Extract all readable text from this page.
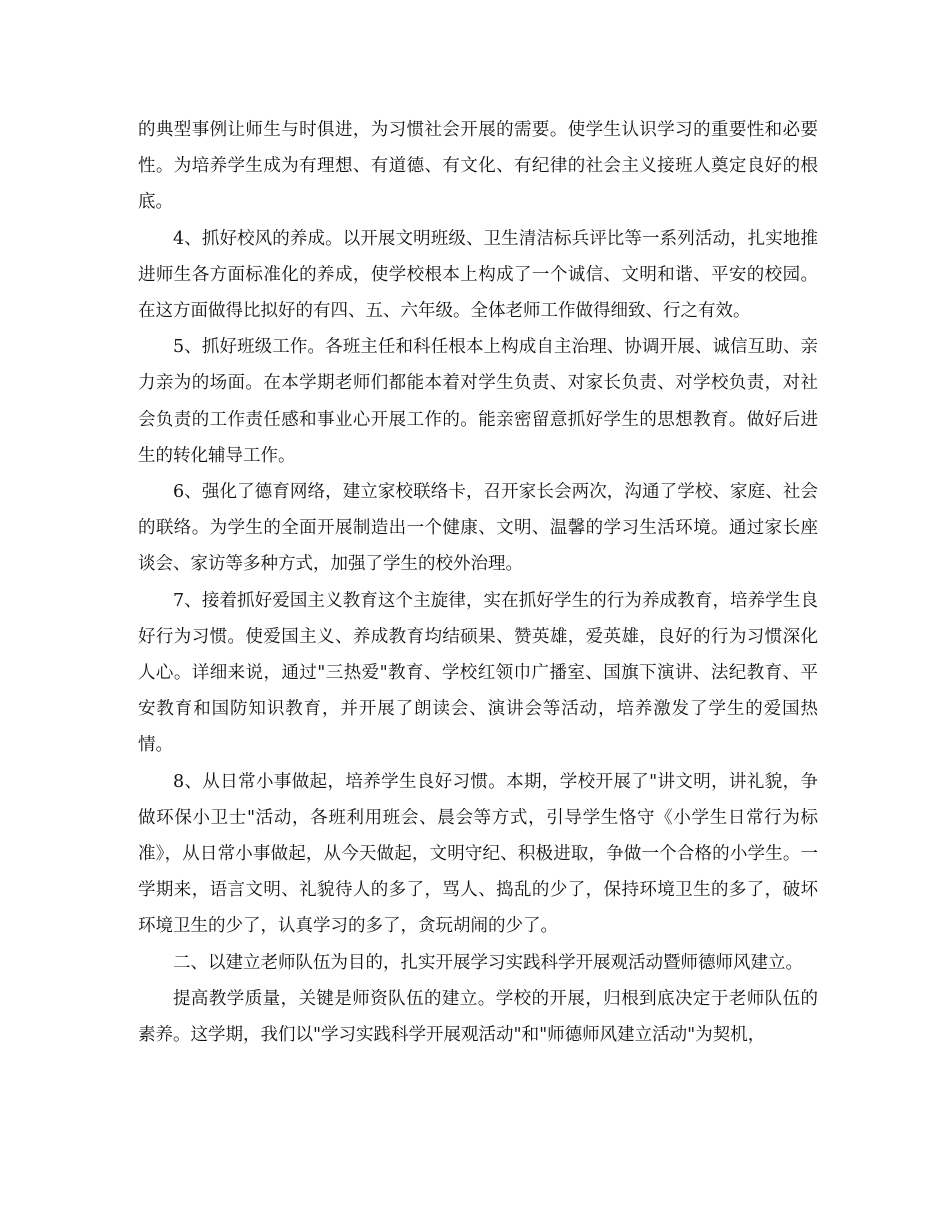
的典型事例让师生与时俱进，为习惯社会开展的需要。使学生认识学习的重要性和必要性。为培养学生成为有理想、有道德、有文化、有纪律的社会主义接班人奠定良好的根底。

4、抓好校风的养成。以开展文明班级、卫生清洁标兵评比等一系列活动，扎实地推进师生各方面标准化的养成，使学校根本上构成了一个诚信、文明和谐、平安的校园。在这方面做得比拟好的有四、五、六年级。全体老师工作做得细致、行之有效。

5、抓好班级工作。各班主任和科任根本上构成自主治理、协调开展、诚信互助、亲力亲为的场面。在本学期老师们都能本着对学生负责、对家长负责、对学校负责，对社会负责的工作责任感和事业心开展工作的。能亲密留意抓好学生的思想教育。做好后进生的转化辅导工作。

6、强化了德育网络，建立家校联络卡，召开家长会两次，沟通了学校、家庭、社会的联络。为学生的全面开展制造出一个健康、文明、温馨的学习生活环境。通过家长座谈会、家访等多种方式，加强了学生的校外治理。

7、接着抓好爱国主义教育这个主旋律，实在抓好学生的行为养成教育，培养学生良好行为习惯。使爱国主义、养成教育均结硕果、赞英雄，爱英雄，良好的行为习惯深化人心。详细来说，通过"三热爱"教育、学校红领巾广播室、国旗下演讲、法纪教育、平安教育和国防知识教育，并开展了朗读会、演讲会等活动，培养激发了学生的爱国热情。

8、从日常小事做起，培养学生良好习惯。本期，学校开展了"讲文明，讲礼貌，争做环保小卫士"活动，各班利用班会、晨会等方式，引导学生恪守《小学生日常行为标准》，从日常小事做起，从今天做起，文明守纪、积极进取，争做一个合格的小学生。一学期来，语言文明、礼貌待人的多了，骂人、捣乱的少了，保持环境卫生的多了，破坏环境卫生的少了，认真学习的多了，贪玩胡闹的少了。

二、以建立老师队伍为目的，扎实开展学习实践科学开展观活动暨师德师风建立。

提高教学质量，关键是师资队伍的建立。学校的开展，归根到底决定于老师队伍的素养。这学期，我们以"学习实践科学开展观活动"和"师德师风建立活动"为契机，
